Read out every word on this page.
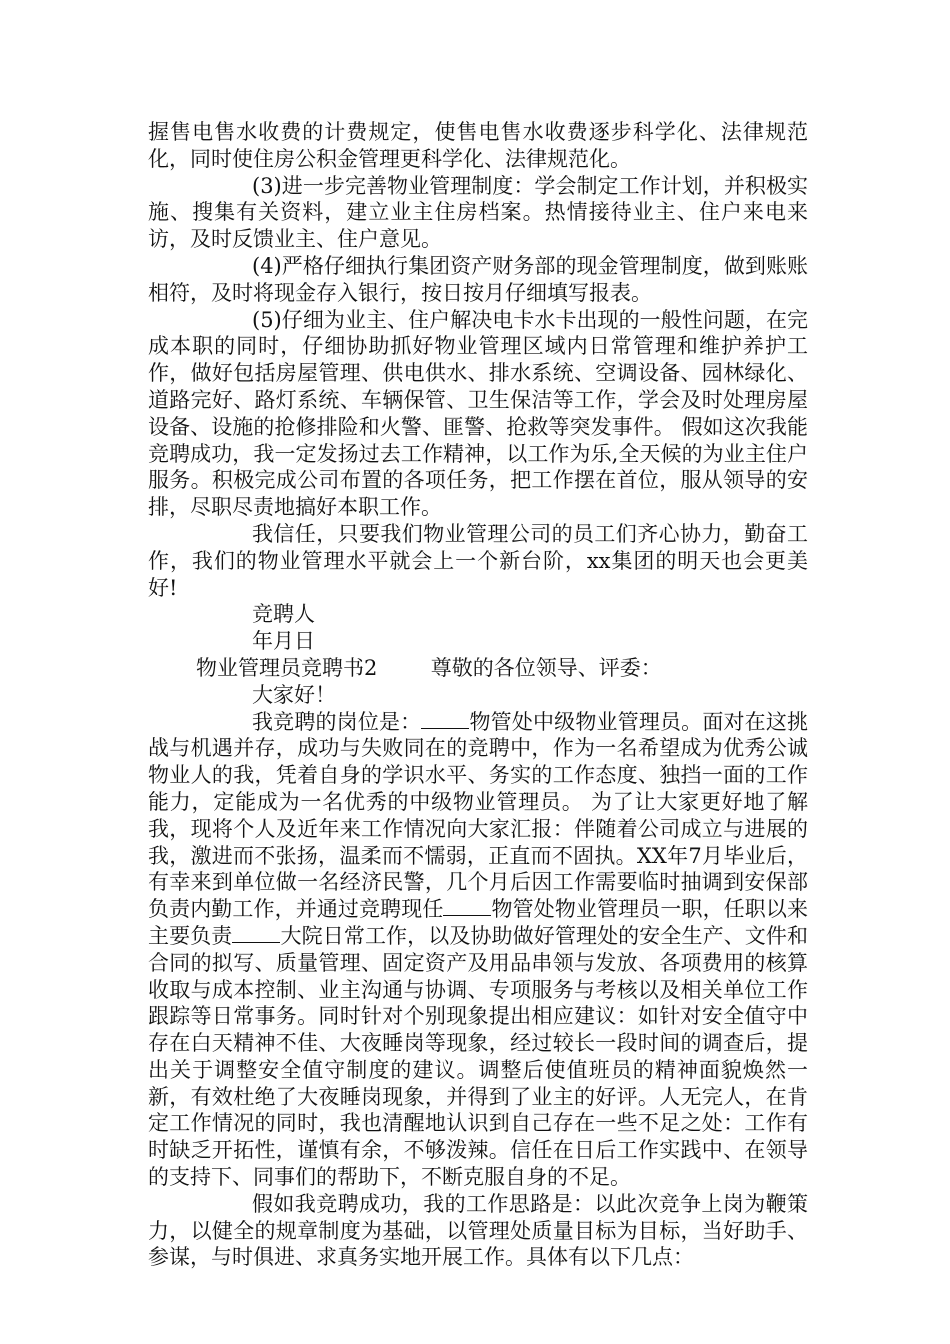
握售电售水收费的计费规定，使售电售水收费逐步科学化、法律规范化，同时使住房公积金管理更科学化、法律规范化。

(3)进一步完善物业管理制度：学会制定工作计划，并积极实施、搜集有关资料，建立业主住房档案。热情接待业主、住户来电来访，及时反馈业主、住户意见。

(4)严格仔细执行集团资产财务部的现金管理制度，做到账账相符，及时将现金存入银行，按日按月仔细填写报表。

(5)仔细为业主、住户解决电卡水卡出现的一般性问题，在完成本职的同时，仔细协助抓好物业管理区域内日常管理和维护养护工作，做好包括房屋管理、供电供水、排水系统、空调设备、园林绿化、道路完好、路灯系统、车辆保管、卫生保洁等工作，学会及时处理房屋设备、设施的抢修排险和火警、匪警、抢救等突发事件。 假如这次我能竞聘成功，我一定发扬过去工作精神，以工作为乐,全天候的为业主住户服务。积极完成公司布置的各项任务，把工作摆在首位，服从领导的安排，尽职尽责地搞好本职工作。

我信任，只要我们物业管理公司的员工们齐心协力，勤奋工作，我们的物业管理水平就会上一个新台阶，xx集团的明天也会更美好!

竞聘人

年月日

物业管理员竞聘书2	尊敬的各位领导、评委：

大家好！

我竞聘的岗位是： 物管处中级物业管理员。面对在这挑战与机遇并存，成功与失败同在的竞聘中，作为一名希望成为优秀公诚物业人的我，凭着自身的学识水平、务实的工作态度、独挡一面的工作能力，定能成为一名优秀的中级物业管理员。 为了让大家更好地了解我，现将个人及近年来工作情况向大家汇报：伴随着公司成立与进展的我，激进而不张扬，温柔而不懦弱，正直而不固执。XX年7月毕业后，有幸来到单位做一名经济民警，几个月后因工作需要临时抽调到安保部负责内勤工作，并通过竞聘现任 物管处物业管理员一职，任职以来主要负责 大院日常工作，以及协助做好管理处的安全生产、文件和合同的拟写、质量管理、固定资产及用品串领与发放、各项费用的核算收取与成本控制、业主沟通与协调、专项服务与考核以及相关单位工作跟踪等日常事务。同时针对个别现象提出相应建议：如针对安全值守中存在白天精神不佳、大夜睡岗等现象，经过较长一段时间的调查后，提出关于调整安全值守制度的建议。调整后使值班员的精神面貌焕然一新，有效杜绝了大夜睡岗现象，并得到了业主的好评。人无完人，在肯定工作情况的同时，我也清醒地认识到自己存在一些不足之处：工作有时缺乏开拓性，谨慎有余，不够泼辣。信任在日后工作实践中、在领导的支持下、同事们的帮助下，不断克服自身的不足。

假如我竞聘成功，我的工作思路是：以此次竞争上岗为鞭策力，以健全的规章制度为基础，以管理处质量目标为目标，当好助手、参谋，与时俱进、求真务实地开展工作。具体有以下几点：
